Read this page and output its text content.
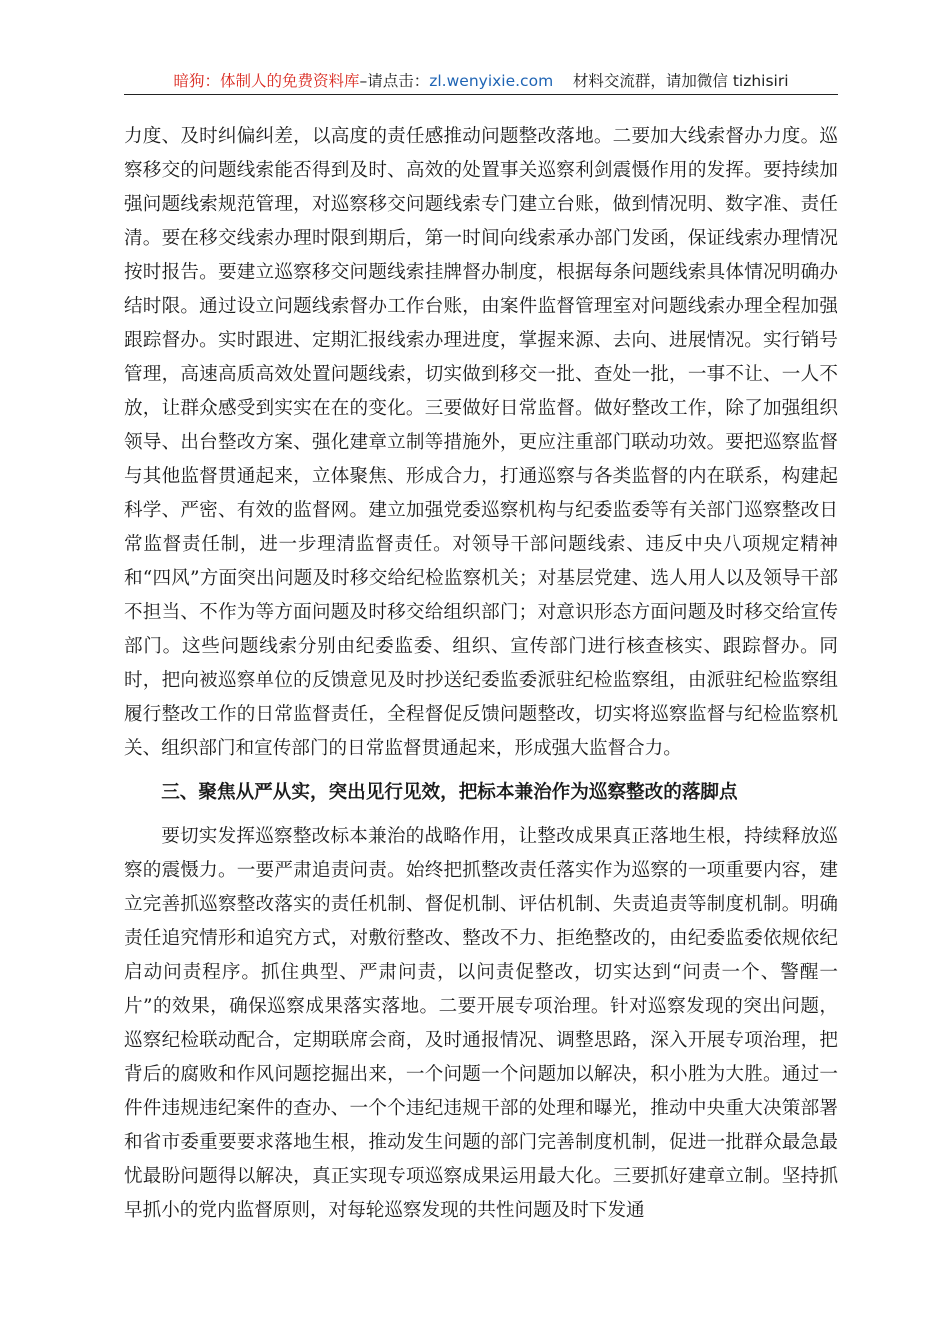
暗狗：体制人的免费资料库–请点击：zl.wenyixie.com 材料交流群，请加微信 tizhisiri

力度、及时纠偏纠差，以高度的责任感推动问题整改落地。二要加大线索督办力度。巡察移交的问题线索能否得到及时、高效的处置事关巡察利剑震慑作用的发挥。要持续加强问题线索规范管理，对巡察移交问题线索专门建立台账，做到情况明、数字准、责任清。要在移交线索办理时限到期后，第一时间向线索承办部门发函，保证线索办理情况按时报告。要建立巡察移交问题线索挂牌督办制度，根据每条问题线索具体情况明确办结时限。通过设立问题线索督办工作台账，由案件监督管理室对问题线索办理全程加强跟踪督办。实时跟进、定期汇报线索办理进度，掌握来源、去向、进展情况。实行销号管理，高速高质高效处置问题线索，切实做到移交一批、查处一批，一事不让、一人不放，让群众感受到实实在在的变化。三要做好日常监督。做好整改工作，除了加强组织领导、出台整改方案、强化建章立制等措施外，更应注重部门联动功效。要把巡察监督与其他监督贯通起来，立体聚焦、形成合力，打通巡察与各类监督的内在联系，构建起科学、严密、有效的监督网。建立加强党委巡察机构与纪委监委等有关部门巡察整改日常监督责任制，进一步理清监督责任。对领导干部问题线索、违反中央八项规定精神和“四风”方面突出问题及时移交给纪检监察机关；对基层党建、选人用人以及领导干部不担当、不作为等方面问题及时移交给组织部门；对意识形态方面问题及时移交给宣传部门。这些问题线索分别由纪委监委、组织、宣传部门进行核查核实、跟踪督办。同时，把向被巡察单位的反馈意见及时抄送纪委监委派驻纪检监察组，由派驻纪检监察组履行整改工作的日常监督责任，全程督促反馈问题整改，切实将巡察监督与纪检监察机关、组织部门和宣传部门的日常监督贯通起来，形成强大监督合力。

三、聚焦从严从实，突出见行见效，把标本兼治作为巡察整改的落脚点

要切实发挥巡察整改标本兼治的战略作用，让整改成果真正落地生根，持续释放巡察的震慑力。一要严肃追责问责。始终把抓整改责任落实作为巡察的一项重要内容，建立完善抓巡察整改落实的责任机制、督促机制、评估机制、失责追责等制度机制。明确责任追究情形和追究方式，对敷衍整改、整改不力、拒绝整改的，由纪委监委依规依纪启动问责程序。抓住典型、严肃问责，以问责促整改，切实达到“问责一个、警醒一片”的效果，确保巡察成果落实落地。二要开展专项治理。针对巡察发现的突出问题，巡察纪检联动配合，定期联席会商，及时通报情况、调整思路，深入开展专项治理，把背后的腐败和作风问题挖掘出来，一个问题一个问题加以解决，积小胜为大胜。通过一件件违规违纪案件的查办、一个个违纪违规干部的处理和曝光，推动中央重大决策部署和省市委重要要求落地生根，推动发生问题的部门完善制度机制，促进一批群众最急最忧最盼问题得以解决，真正实现专项巡察成果运用最大化。三要抓好建章立制。坚持抓早抓小的党内监督原则，对每轮巡察发现的共性问题及时下发通
